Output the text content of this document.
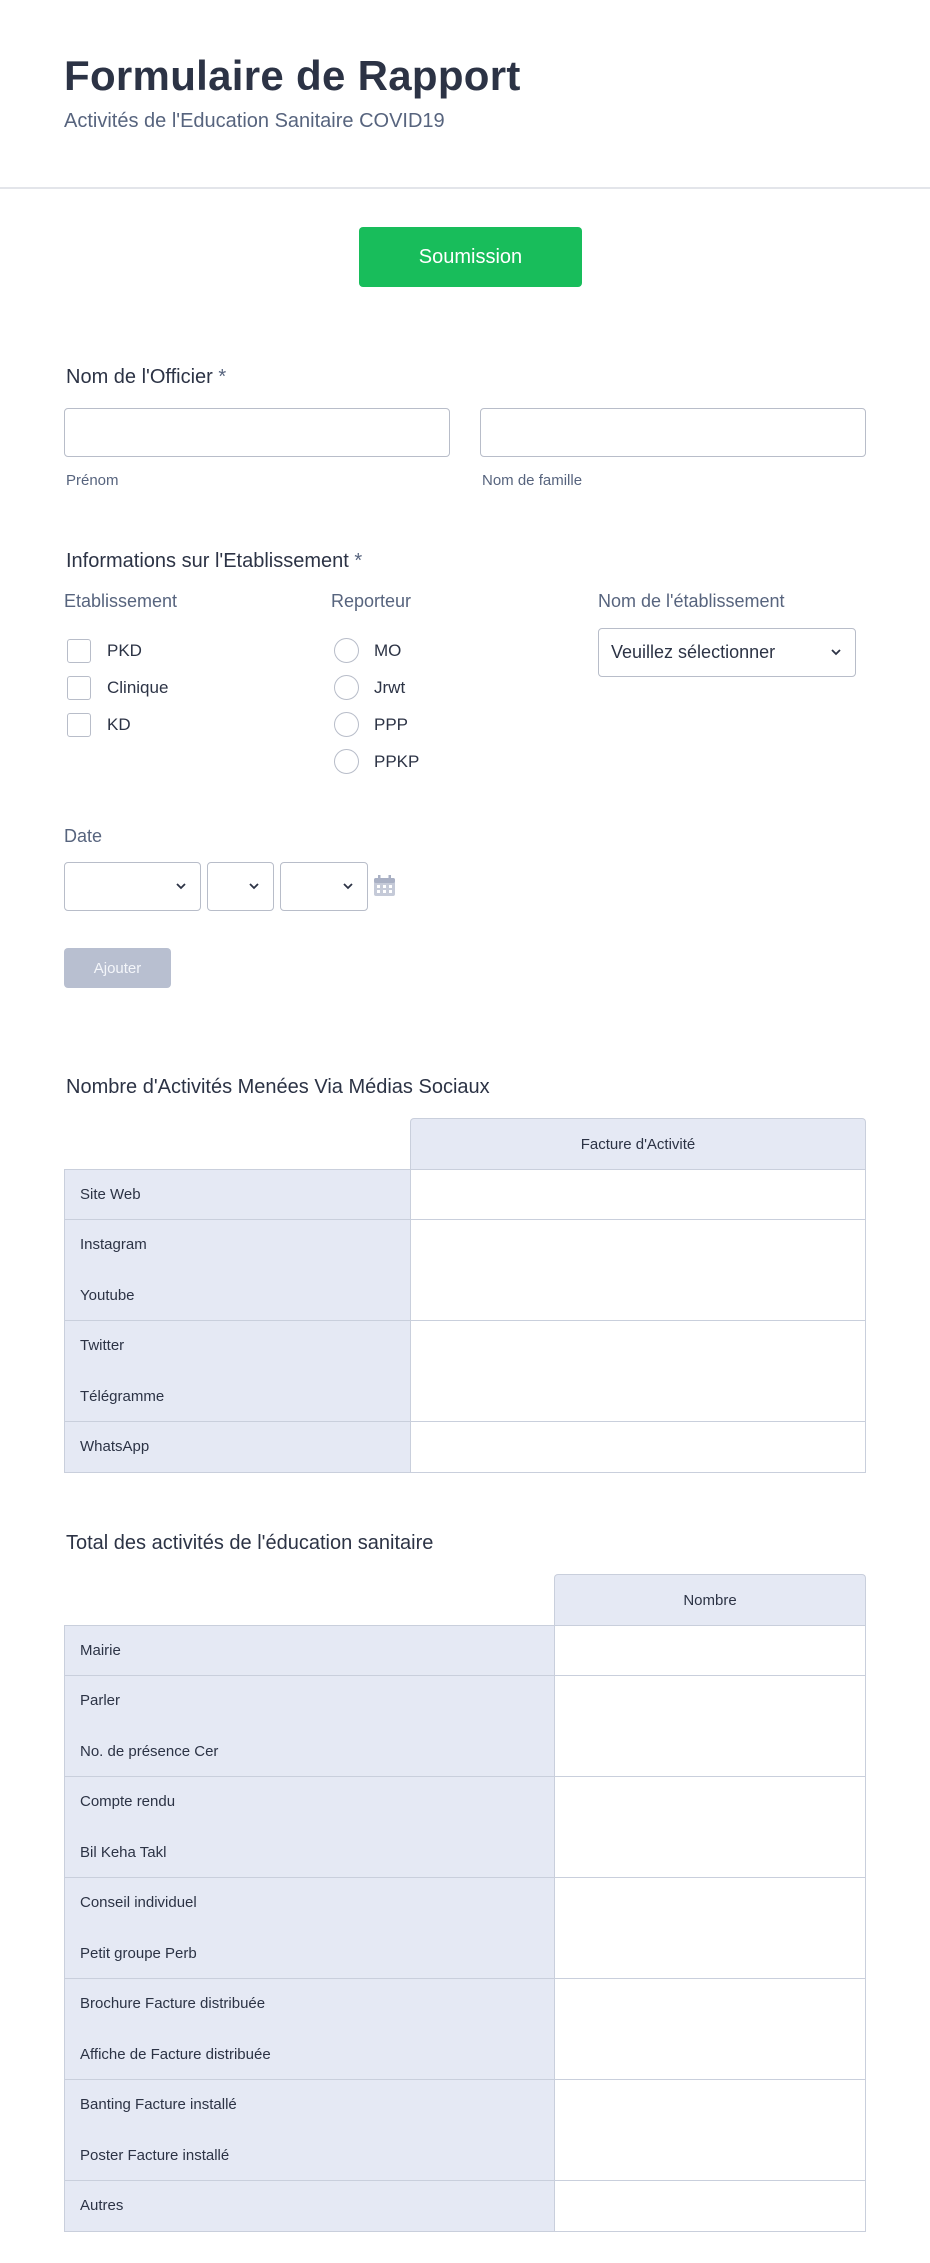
Formulaire de Rapport
Activités de l'Education Sanitaire COVID19
Soumission
Nom de l'Officier *
Prénom	Nom de famille
Informations sur l'Etablissement *
Etablissement
PKD
Clinique
KD
Reporteur
MO
Jrwt
PPP
PPKP
Nom de l'établissement
Veuillez sélectionner
Date
Ajouter
Nombre d'Activités Menées Via Médias Sociaux
Facture d'Activité
Site Web
Instagram
Youtube
Twitter
Télégramme
WhatsApp
Total des activités de l'éducation sanitaire
Nombre
Mairie
Parler
No. de présence Cer
Compte rendu
Bil Keha Takl
Conseil individuel
Petit groupe Perb
Brochure Facture distribuée
Affiche de Facture distribuée
Banting Facture installé
Poster Facture installé
Autres
